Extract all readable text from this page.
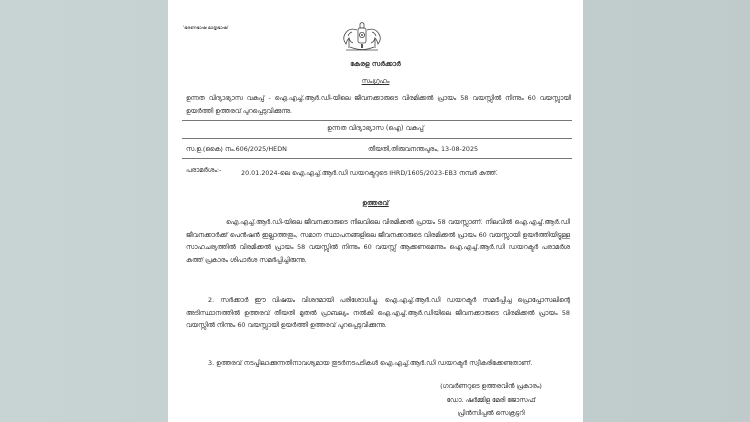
'ഭരണഭാഷ മാതൃഭാഷ'
കേരള സർക്കാർ
സംഗ്രഹം
ഉന്നത വിദ്യാഭ്യാസ വകുപ്പ് - ഐ.എച്ച്.ആർ.ഡി-യിലെ ജീവനക്കാരുടെ വിരമിക്കൽ പ്രായം 58 വയസ്സിൽ നിന്നും 60 വയസ്സായി ഉയർത്തി ഉത്തരവ് പുറപ്പെടുവിക്കുന്നു.
ഉന്നത വിദ്യാഭ്യാസ (ഐ) വകുപ്പ്
സ.ഉ.(കൈ) നം.606/2025/HEDN	തീയതി,തിരുവനന്തപുരം, 13-08-2025
പരാമർശം:-	20.01.2024-ലെ ഐ.എച്ച്.ആർ.ഡി ഡയറക്ടറുടെ IHRD/1605/2023-EB3 നമ്പർ കത്ത്.
ഉത്തരവ്
ഐ.എച്ച്.ആർ.ഡി-യിലെ ജീവനക്കാരുടെ നിലവിലെ വിരമിക്കൽ പ്രായം 58 വയസ്സാണ്. നിലവിൽ ഐ.എച്ച്.ആർ.ഡി ജീവനക്കാർക്ക് പെൻഷൻ ഇല്ലാത്തതും, സമാന സ്ഥാപനങ്ങളിലെ ജീവനക്കാരുടെ വിരമിക്കൽ പ്രായം 60 വയസ്സായി ഉയർത്തിയിട്ടുള്ള സാഹചര്യത്തിൽ വിരമിക്കൽ പ്രായം 58 വയസ്സിൽ നിന്നും 60 വയസ്സ് ആക്കണമെന്നും ഐ.എച്ച്.ആർ.ഡി ഡയറക്ടർ പരാമർശ കത്ത് പ്രകാരം ശിപാർശ സമർപ്പിച്ചിരുന്നു.
2. സർക്കാർ ഈ വിഷയം വിശദമായി പരിശോധിച്ചു. ഐ.എച്ച്.ആർ.ഡി ഡയറക്ടർ സമർപ്പിച്ച പ്രൊപ്പോസലിന്റെ അടിസ്ഥാനത്തിൽ ഉത്തരവ് തീയതി മുതൽ പ്രാബല്യം നൽകി ഐ.എച്ച്.ആർ.ഡിയിലെ ജീവനക്കാരുടെ വിരമിക്കൽ പ്രായം 58 വയസ്സിൽ നിന്നും 60 വയസ്സായി ഉയർത്തി ഉത്തരവ് പുറപ്പെടുവിക്കുന്നു.
3. ഉത്തരവ് നടപ്പിലാക്കുന്നതിനാവശ്യമായ തുടർനടപടികൾ ഐ.എച്ച്.ആർ.ഡി ഡയറക്ടർ സ്വീകരിക്കേണ്ടതാണ്.
(ഗവർണറുടെ ഉത്തരവിൻ പ്രകാരം)
ഡോ. ഷർമ്മിള മേരി ജോസഫ്
പ്രിൻസിപ്പൽ സെക്രട്ടറി
